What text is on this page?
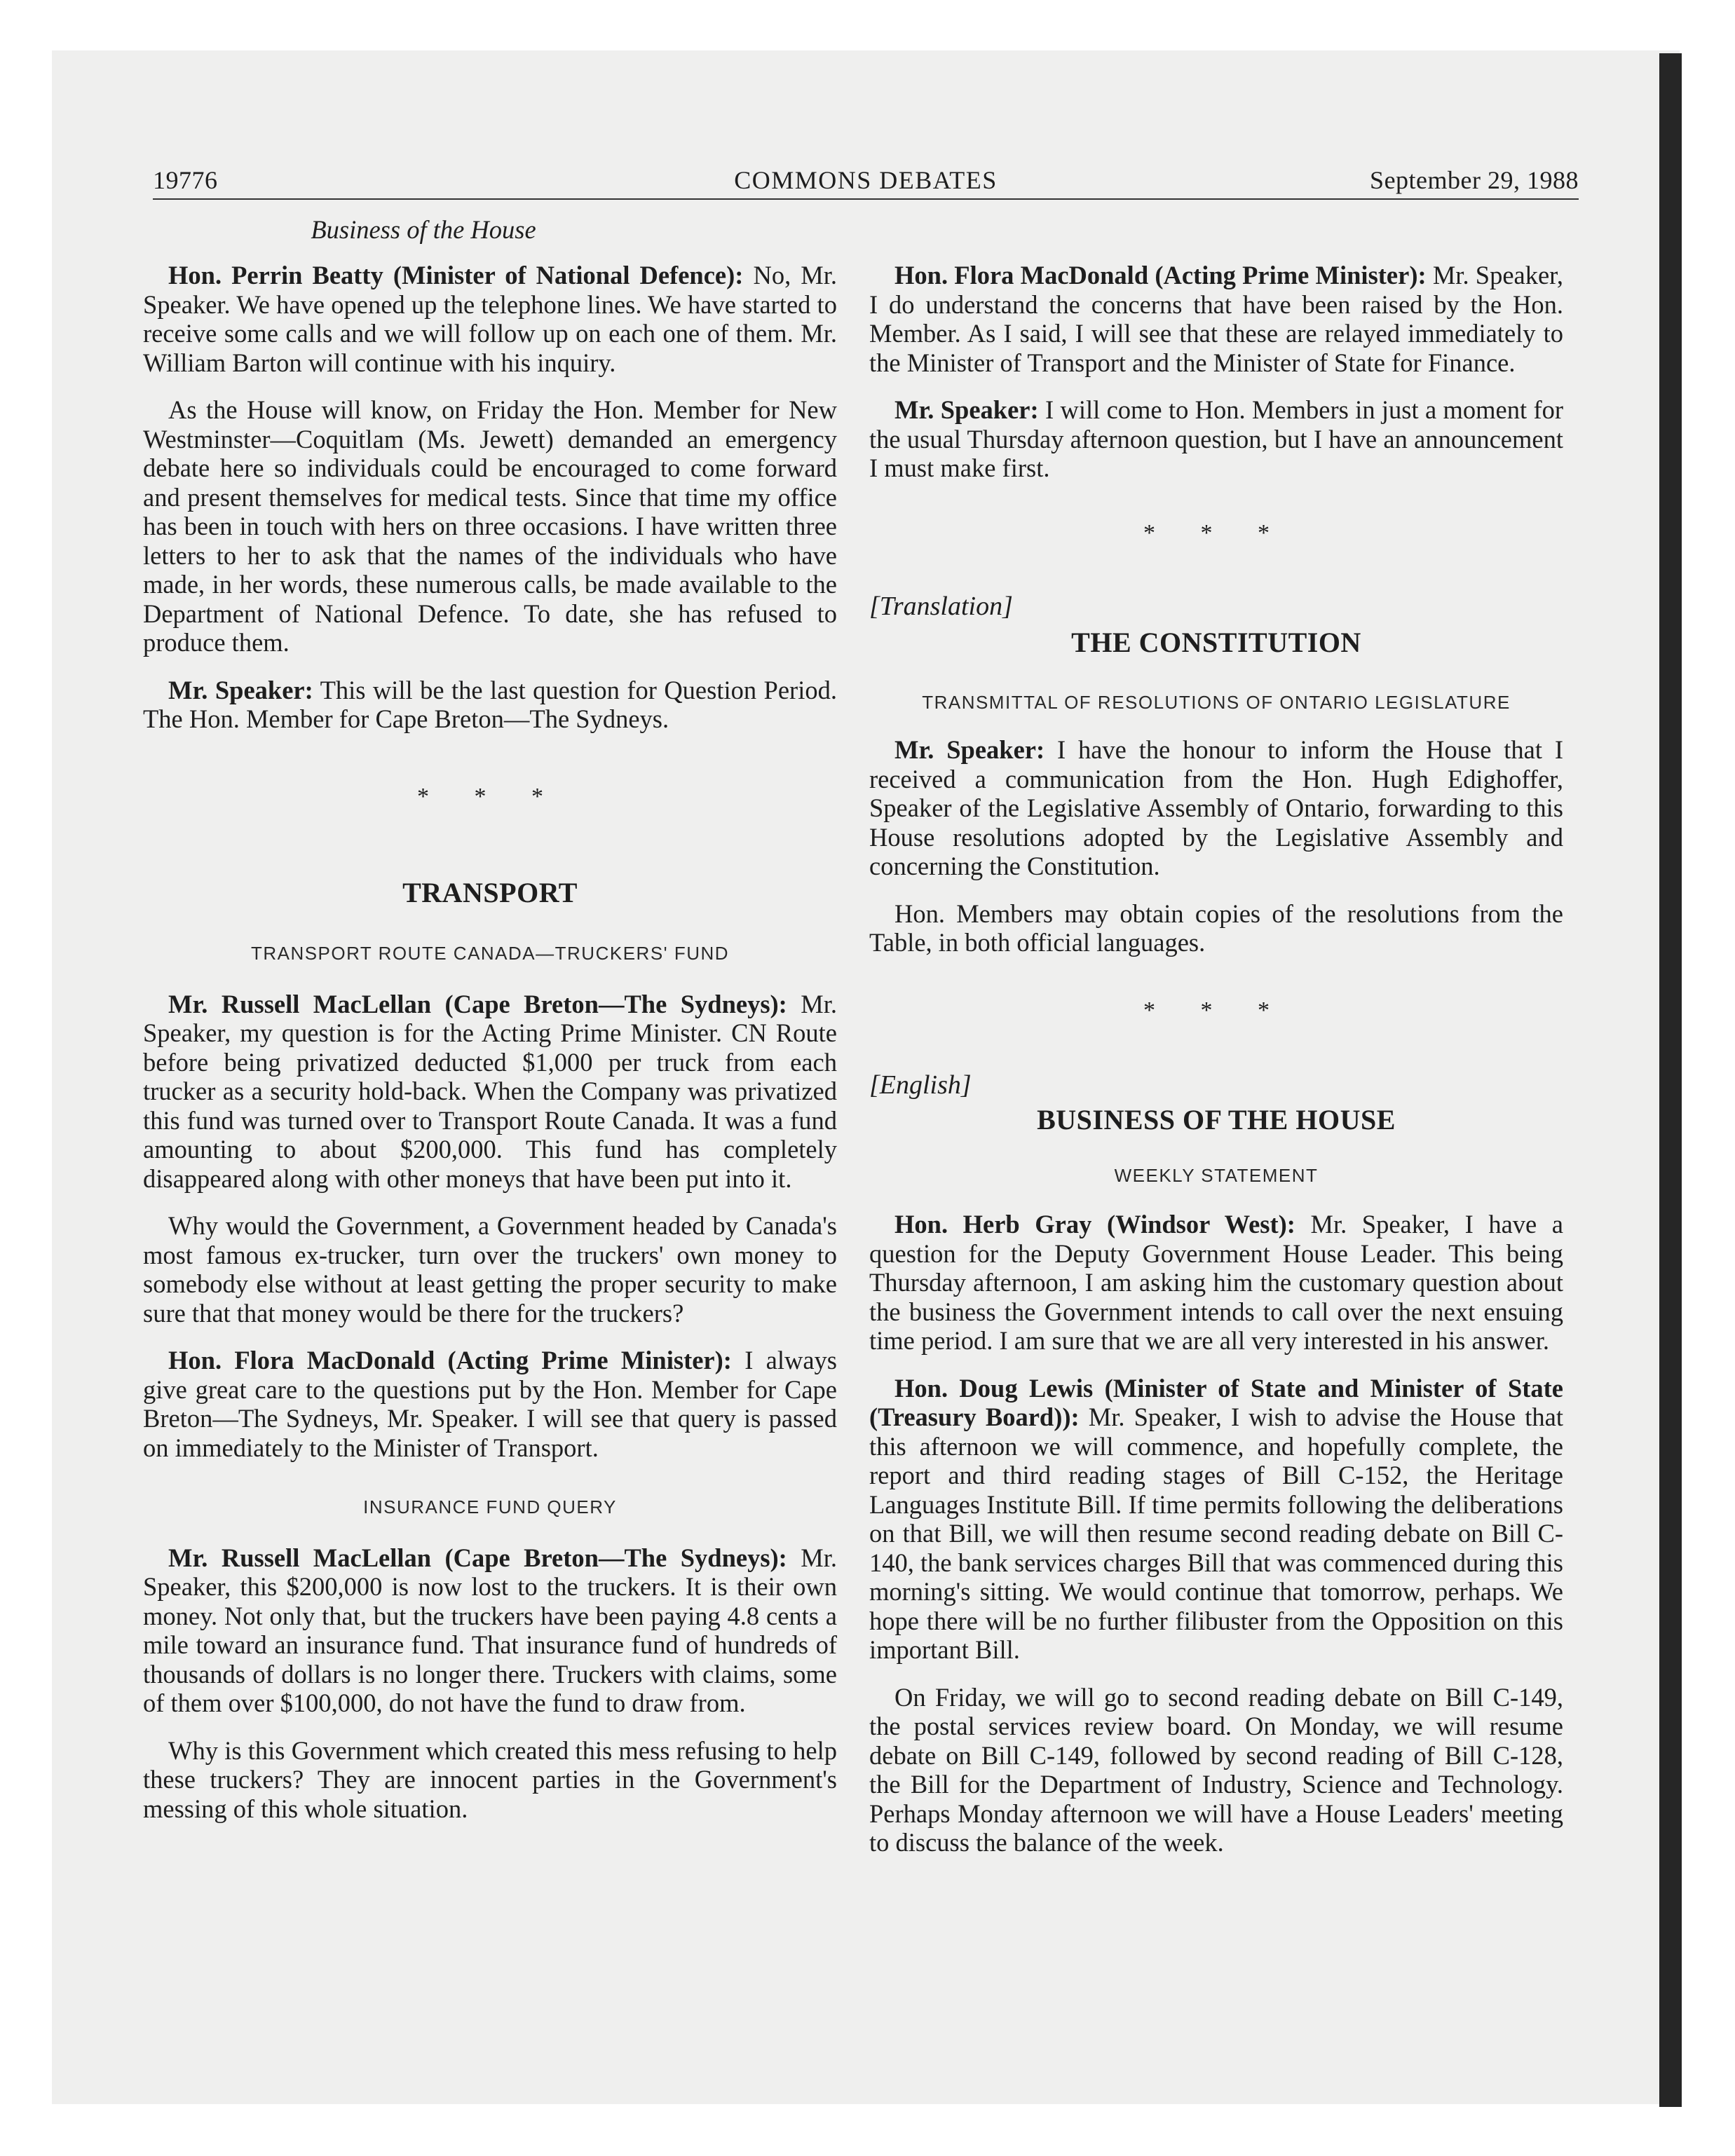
19776	COMMONS DEBATES	September 29, 1988
Business of the House

Hon. Perrin Beatty (Minister of National Defence): No, Mr. Speaker. We have opened up the telephone lines. We have started to receive some calls and we will follow up on each one of them. Mr. William Barton will continue with his inquiry.

As the House will know, on Friday the Hon. Member for New Westminster—Coquitlam (Ms. Jewett) demanded an emergency debate here so individuals could be encouraged to come forward and present themselves for medical tests. Since that time my office has been in touch with hers on three occasions. I have written three letters to her to ask that the names of the individuals who have made, in her words, these numerous calls, be made available to the Department of National Defence. To date, she has refused to produce them.

Mr. Speaker: This will be the last question for Question Period. The Hon. Member for Cape Breton—The Sydneys.

* * *
TRANSPORT
TRANSPORT ROUTE CANADA—TRUCKERS' FUND

Mr. Russell MacLellan (Cape Breton—The Sydneys): Mr. Speaker, my question is for the Acting Prime Minister. CN Route before being privatized deducted $1,000 per truck from each trucker as a security hold-back. When the Company was privatized this fund was turned over to Transport Route Canada. It was a fund amounting to about $200,000. This fund has completely disappeared along with other moneys that have been put into it.

Why would the Government, a Government headed by Canada's most famous ex-trucker, turn over the truckers' own money to somebody else without at least getting the proper security to make sure that that money would be there for the truckers?

Hon. Flora MacDonald (Acting Prime Minister): I always give great care to the questions put by the Hon. Member for Cape Breton—The Sydneys, Mr. Speaker. I will see that query is passed on immediately to the Minister of Transport.

INSURANCE FUND QUERY

Mr. Russell MacLellan (Cape Breton—The Sydneys): Mr. Speaker, this $200,000 is now lost to the truckers. It is their own money. Not only that, but the truckers have been paying 4.8 cents a mile toward an insurance fund. That insurance fund of hundreds of thousands of dollars is no longer there. Truckers with claims, some of them over $100,000, do not have the fund to draw from.

Why is this Government which created this mess refusing to help these truckers? They are innocent parties in the Government's messing of this whole situation.

Hon. Flora MacDonald (Acting Prime Minister): Mr. Speaker, I do understand the concerns that have been raised by the Hon. Member. As I said, I will see that these are relayed immediately to the Minister of Transport and the Minister of State for Finance.

Mr. Speaker: I will come to Hon. Members in just a moment for the usual Thursday afternoon question, but I have an announcement I must make first.

* * *
[Translation]
THE CONSTITUTION
TRANSMITTAL OF RESOLUTIONS OF ONTARIO LEGISLATURE

Mr. Speaker: I have the honour to inform the House that I received a communication from the Hon. Hugh Edighoffer, Speaker of the Legislative Assembly of Ontario, forwarding to this House resolutions adopted by the Legislative Assembly and concerning the Constitution.

Hon. Members may obtain copies of the resolutions from the Table, in both official languages.

* * *
[English]
BUSINESS OF THE HOUSE
WEEKLY STATEMENT

Hon. Herb Gray (Windsor West): Mr. Speaker, I have a question for the Deputy Government House Leader. This being Thursday afternoon, I am asking him the customary question about the business the Government intends to call over the next ensuing time period. I am sure that we are all very interested in his answer.

Hon. Doug Lewis (Minister of State and Minister of State (Treasury Board)): Mr. Speaker, I wish to advise the House that this afternoon we will commence, and hopefully complete, the report and third reading stages of Bill C-152, the Heritage Languages Institute Bill. If time permits following the deliberations on that Bill, we will then resume second reading debate on Bill C-140, the bank services charges Bill that was commenced during this morning's sitting. We would continue that tomorrow, perhaps. We hope there will be no further filibuster from the Opposition on this important Bill.

On Friday, we will go to second reading debate on Bill C-149, the postal services review board. On Monday, we will resume debate on Bill C-149, followed by second reading of Bill C-128, the Bill for the Department of Industry, Science and Technology. Perhaps Monday afternoon we will have a House Leaders' meeting to discuss the balance of the week.
